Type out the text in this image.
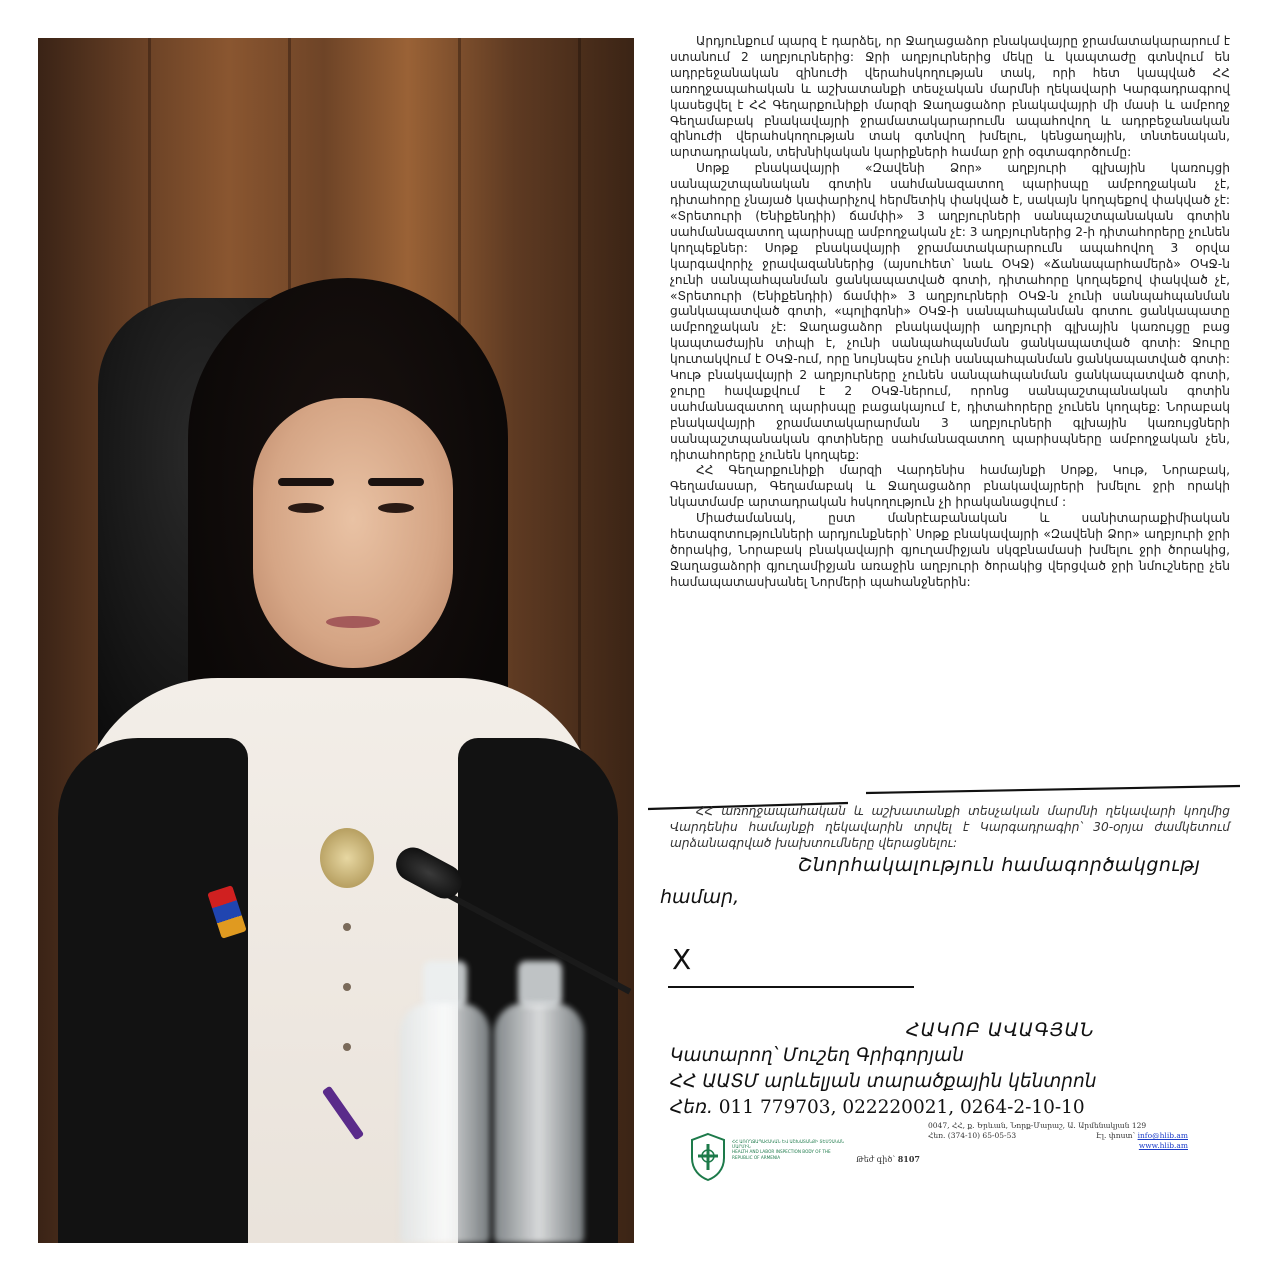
Արդյունքում պարզ է դարձել, որ Ջաղացաձոր բնակավայրը ջրամատակարարում է ստանում 2 աղբյուրներից: Ջրի աղբյուրներից մեկը և կապտաժը գտնվում են ադրբեջանական զինուժի վերահսկողության տակ, որի հետ կապված ՀՀ առողջապահական և աշխատանքի տեսչական մարմնի ղեկավարի Կարգադրագրով կասեցվել է ՀՀ Գեղարքունիքի մարզի Ջաղացաձոր բնակավայրի մի մասի և ամբողջ Գեղամաբակ բնակավայրի ջրամատակարարումն ապահովող և ադրբեջանական զինուժի վերահսկողության տակ գտնվող խմելու, կենցաղային, տնտեսական, արտադրական, տեխնիկական կարիքների համար ջրի օգտագործումը:

Սոթք բնակավայրի «Զավենի Ձոր» աղբյուրի գլխային կառույցի սանպաշտպանական գոտին սահմանազատող պարիսպը ամբողջական չէ, դիտահորը չնայած կափարիչով հերմետիկ փակված է, սակայն կողպեքով փակված չէ: «Տրետուրի (Ենիքենդիի) ճամփի» 3 աղբյուրների սանպաշտպանական գոտին սահմանազատող պարիսպը ամբողջական չէ: 3 աղբյուրներից 2-ի դիտահորերը չունեն կողպեքներ: Սոթք բնակավայրի ջրամատակարարումն ապահովող 3 օրվա կարգավորիչ ջրավազաններից (այսուհետ՝ նաև ՕԿՋ) «Ճանապարհամերձ» ՕԿՋ-ն չունի սանպահպանման ցանկապատված գոտի, դիտահորը կողպեքով փակված չէ, «Տրետուրի (Ենիքենդիի) ճամփի» 3 աղբյուրների ՕԿՋ-ն չունի սանպահպանման ցանկապատված գոտի, «պոլիգոնի» ՕԿՋ-ի սանպահպանման գոտու ցանկապատը ամբողջական չէ: Ջաղացաձոր բնակավայրի աղբյուրի գլխային կառույցը բաց կապտաժային տիպի է, չունի սանպահպանման ցանկապատված գոտի: Ջուրը կուտակվում է ՕԿՋ-ում, որը նույնպես չունի սանպահպանման ցանկապատված գոտի: Կութ բնակավայրի 2 աղբյուրները չունեն սանպահպանման ցանկապատված գոտի, ջուրը հավաքվում է 2 ՕԿՋ-ներում, որոնց սանպաշտպանական գոտին սահմանազատող պարիսպը բացակայում է, դիտահորերը չունեն կողպեք: Նորաբակ բնակավայրի ջրամատակարարման 3 աղբյուրների գլխային կառույցների սանպաշտպանական գոտիները սահմանազատող պարիսպները ամբողջական չեն, դիտահորերը չունեն կողպեք:

ՀՀ Գեղարքունիքի մարզի Վարդենիս համայնքի Սոթք, Կութ, Նորաբակ, Գեղամասար, Գեղամաբակ և Ջաղացաձոր բնակավայրերի խմելու ջրի որակի նկատմամբ արտադրական հսկողություն չի իրականացվում :

Միաժամանակ, ըստ մանրէաբանական և սանիտարաքիմիական հետազոտությունների արդյունքների՝ Սոթք բնակավայրի «Զավենի Ձոր» աղբյուրի ջրի ծորակից, Նորաբակ բնակավայրի գյուղամիջյան սկզբնամասի խմելու ջրի ծորակից, Ջաղացաձորի գյուղամիջյան առաջին աղբյուրի ծորակից վերցված ջրի նմուշները չեն համապատասխանել Նորմերի պահանջներին:

ՀՀ առողջապահական և աշխատանքի տեսչական մարմնի ղեկավարի կողմից Վարդենիս համայնքի ղեկավարին տրվել է Կարգադրագիր՝ 30-օրյա ժամկետում արձանագրված խախտումները վերացնելու:
Շնորհակալություն համագործակցությ
համար,
X
ՀԱԿՈԲ ԱՎԱԳՅԱՆ
Կատարող՝ Մուշեղ Գրիգորյան
ՀՀ ԱԱՏՄ արևելյան տարածքային կենտրոն
Հեռ. 011 779703, 022220021, 0264-2-10-10
ՀՀ ԱՌՈՂՋԱՊԱՀԱԿԱՆ ԵՎ ԱՇԽԱՏԱՆՔԻ ՏԵՍՉԱԿԱՆ ՄԱՐՄԻՆ
HEALTH AND LABOR INSPECTION BODY OF THE REPUBLIC OF ARMENIA	Թեժ գիծ՝ 8107
0047, ՀՀ, ք. Երևան, Նորք-Մարաշ, Ա. Արմենակյան 129
Հեռ. (374-10) 65-05-53	Էլ. փոստ՝ info@hlib.am
www.hlib.am
